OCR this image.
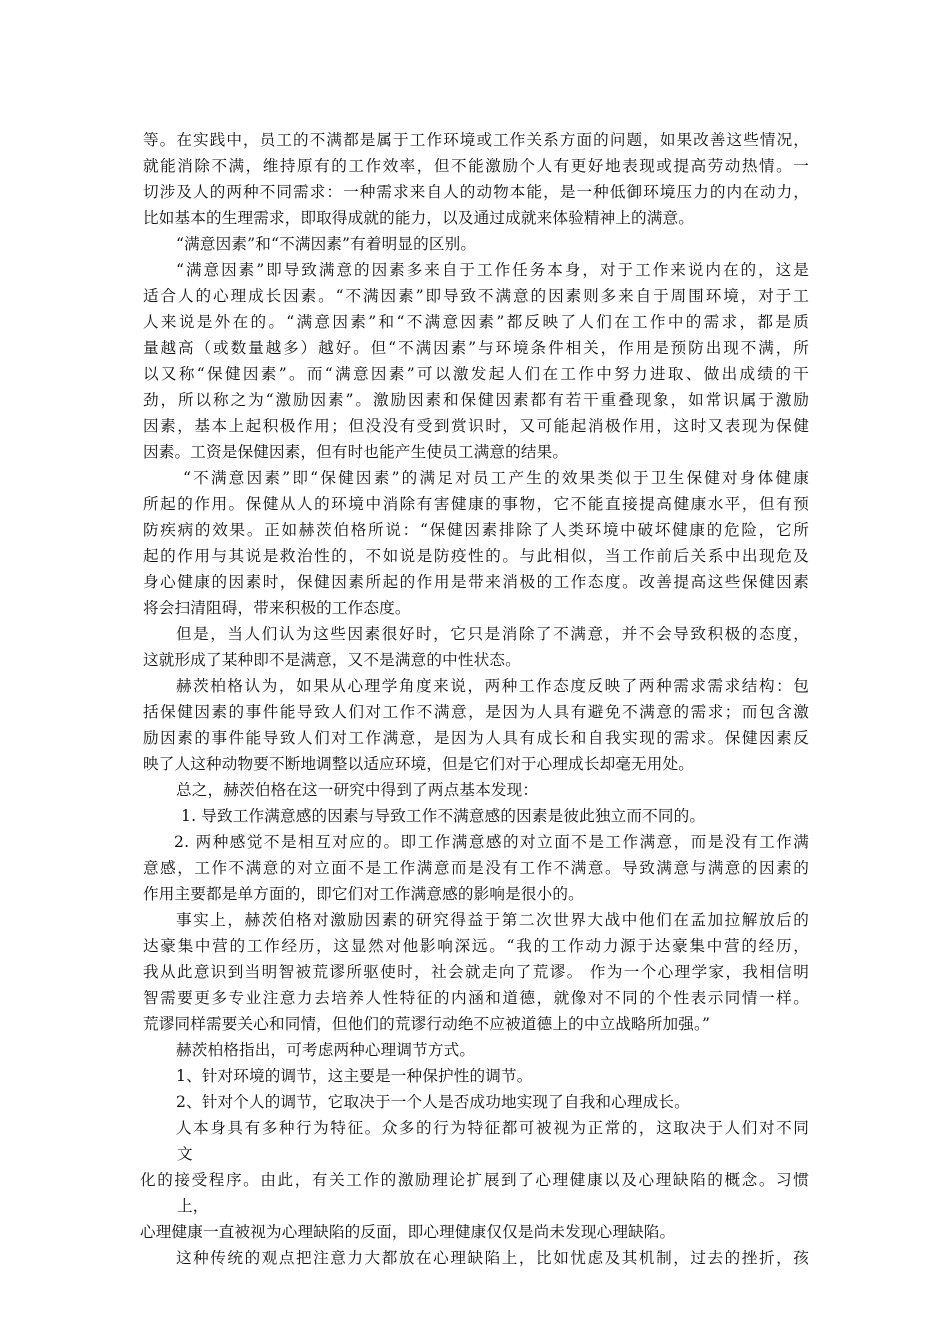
等。在实践中，员工的不满都是属于工作环境或工作关系方面的问题，如果改善这些情况，
就能消除不满，维持原有的工作效率，但不能激励个人有更好地表现或提高劳动热情。一
切涉及人的两种不同需求：一种需求来自人的动物本能，是一种低御环境压力的内在动力，
比如基本的生理需求，即取得成就的能力，以及通过成就来体验精神上的满意。
“满意因素”和“不满因素”有着明显的区别。
“满意因素”即导致满意的因素多来自于工作任务本身，对于工作来说内在的，这是
适合人的心理成长因素。“不满因素”即导致不满意的因素则多来自于周围环境，对于工
人来说是外在的。“满意因素”和“不满意因素”都反映了人们在工作中的需求，都是质
量越高（或数量越多）越好。但“不满因素”与环境条件相关，作用是预防出现不满，所
以又称“保健因素”。而“满意因素”可以激发起人们在工作中努力进取、做出成绩的干
劲，所以称之为“激励因素”。激励因素和保健因素都有若干重叠现象，如常识属于激励
因素，基本上起积极作用；但没没有受到赏识时，又可能起消极作用，这时又表现为保健
因素。工资是保健因素，但有时也能产生使员工满意的结果。
“不满意因素”即“保健因素”的满足对员工产生的效果类似于卫生保健对身体健康
所起的作用。保健从人的环境中消除有害健康的事物，它不能直接提高健康水平，但有预
防疾病的效果。正如赫茨伯格所说：“保健因素排除了人类环境中破坏健康的危险，它所
起的作用与其说是救治性的，不如说是防疫性的。与此相似，当工作前后关系中出现危及
身心健康的因素时，保健因素所起的作用是带来消极的工作态度。改善提高这些保健因素
将会扫清阻碍，带来积极的工作态度。
但是，当人们认为这些因素很好时，它只是消除了不满意，并不会导致积极的态度，
这就形成了某种即不是满意，又不是满意的中性状态。
赫茨柏格认为，如果从心理学角度来说，两种工作态度反映了两种需求需求结构：包
括保健因素的事件能导致人们对工作不满意，是因为人具有避免不满意的需求；而包含激
励因素的事件能导致人们对工作满意，是因为人具有成长和自我实现的需求。保健因素反
映了人这种动物要不断地调整以适应环境，但是它们对于心理成长却毫无用处。
总之，赫茨伯格在这一研究中得到了两点基本发现：
1. 导致工作满意感的因素与导致工作不满意感的因素是彼此独立而不同的。
2. 两种感觉不是相互对应的。即工作满意感的对立面不是工作满意，而是没有工作满
意感，工作不满意的对立面不是工作满意而是没有工作不满意。导致满意与满意的因素的
作用主要都是单方面的，即它们对工作满意感的影响是很小的。
事实上，赫茨伯格对激励因素的研究得益于第二次世界大战中他们在孟加拉解放后的
达豪集中营的工作经历，这显然对他影响深远。“我的工作动力源于达豪集中营的经历，
我从此意识到当明智被荒谬所驱使时，社会就走向了荒谬。 作为一个心理学家，我相信明
智需要更多专业注意力去培养人性特征的内涵和道德，就像对不同的个性表示同情一样。
荒谬同样需要关心和同情，但他们的荒谬行动绝不应被道德上的中立战略所加强。”
赫茨柏格指出，可考虑两种心理调节方式。
1、针对环境的调节，这主要是一种保护性的调节。
2、针对个人的调节，它取决于一个人是否成功地实现了自我和心理成长。
人本身具有多种行为特征。众多的行为特征都可被视为正常的，这取决于人们对不同
文
化的接受程序。由此，有关工作的激励理论扩展到了心理健康以及心理缺陷的概念。习惯
上，
心理健康一直被视为心理缺陷的反面，即心理健康仅仅是尚未发现心理缺陷。
这种传统的观点把注意力大都放在心理缺陷上，比如忧虑及其机制，过去的挫折，孩
